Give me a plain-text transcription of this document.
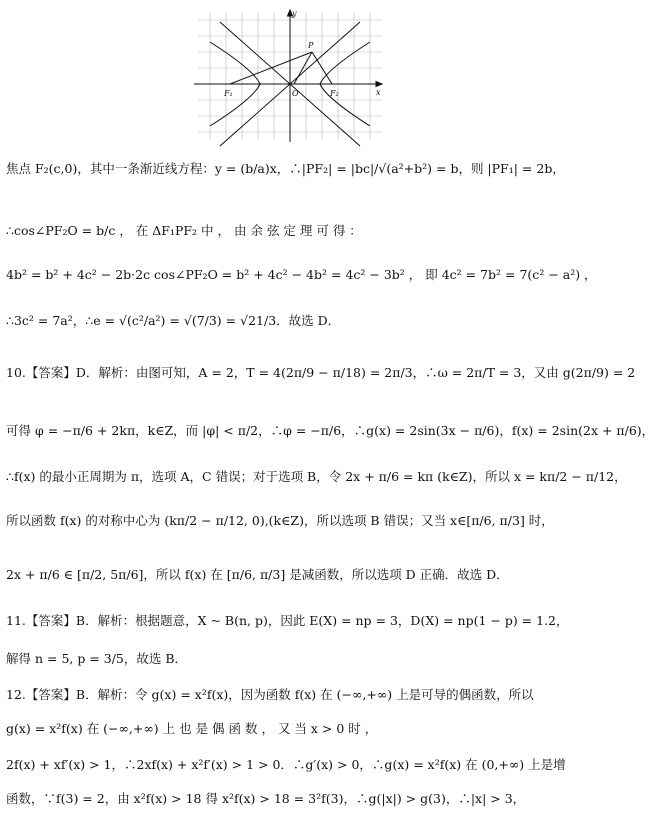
y
x
P
F₁	O	F₂
焦点 F₂(c,0)，其中一条渐近线方程：y = (b/a)x，∴|PF₂| = |bc|/√(a²+b²) = b，则 |PF₁| = 2b，
∴cos∠PF₂O = b/c ， 在 ΔF₁PF₂ 中 ， 由 余 弦 定 理 可 得 ：
4b² = b² + 4c² − 2b·2c cos∠PF₂O = b² + 4c² − 4b² = 4c² − 3b² ， 即 4c² = 7b² = 7(c² − a²) ，
∴3c² = 7a²，∴e = √(c²/a²) = √(7/3) = √21/3．故选 D．
10.【答案】D．解析：由图可知，A = 2，T = 4(2π/9 − π/18) = 2π/3，∴ω = 2π/T = 3，又由 g(2π/9) = 2
可得 φ = −π/6 + 2kπ，k∈Z，而 |φ| < π/2，∴φ = −π/6，∴g(x) = 2sin(3x − π/6)，f(x) = 2sin(2x + π/6)，
∴f(x) 的最小正周期为 π，选项 A，C 错误；对于选项 B，令 2x + π/6 = kπ (k∈Z)，所以 x = kπ/2 − π/12，
所以函数 f(x) 的对称中心为 (kπ/2 − π/12, 0),(k∈Z)，所以选项 B 错误；又当 x∈[π/6, π/3] 时，
2x + π/6 ∈ [π/2, 5π/6]，所以 f(x) 在 [π/6, π/3] 是减函数，所以选项 D 正确．故选 D．
11.【答案】B．解析：根据题意，X ~ B(n, p)，因此 E(X) = np = 3，D(X) = np(1 − p) = 1.2，
解得 n = 5, p = 3/5，故选 B．
12.【答案】B．解析：令 g(x) = x²f(x)，因为函数 f(x) 在 (−∞,+∞) 上是可导的偶函数，所以
g(x) = x²f(x) 在 (−∞,+∞) 上 也 是 偶 函 数 ， 又 当 x > 0 时 ，
2f(x) + xf′(x) > 1，∴2xf(x) + x²f′(x) > 1 > 0．∴g′(x) > 0，∴g(x) = x²f(x) 在 (0,+∞) 上是增
函数，∵f(3) = 2，由 x²f(x) > 18 得 x²f(x) > 18 = 3²f(3)，∴g(|x|) > g(3)，∴|x| > 3，
